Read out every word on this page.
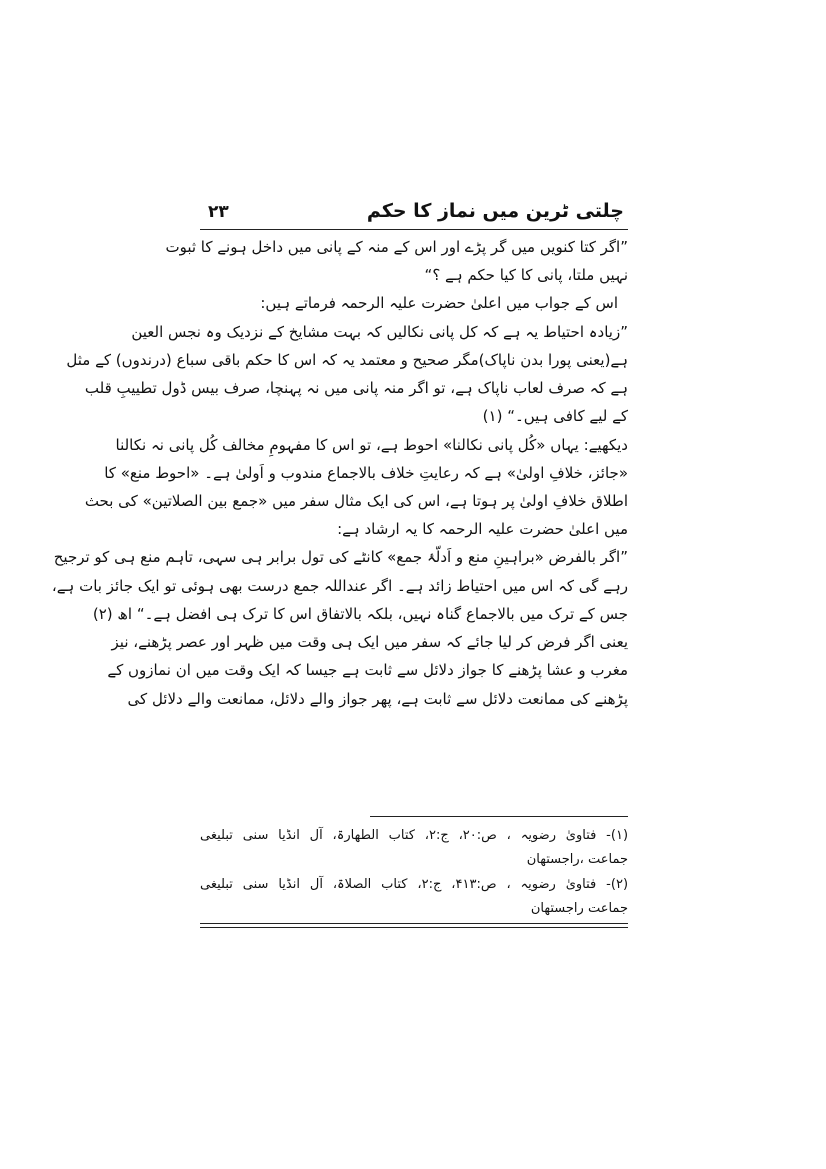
چلتی ٹرین میں نماز کا حکم
۲۳
”اگر کتا کنویں میں گر پڑے اور اس کے منہ کے پانی میں داخل ہونے کا ثبوت
نہیں ملتا، پانی کا کیا حکم ہے ؟“
اس کے جواب میں اعلیٰ حضرت علیہ الرحمہ فرماتے ہیں:
”زیادہ احتیاط یہ ہے کہ کل پانی نکالیں کہ بہت مشایخ کے نزدیک وہ نجس العین
ہے(یعنی پورا بدن ناپاک)مگر صحیح و معتمد یہ کہ اس کا حکم باقی سباع (درندوں) کے مثل
ہے کہ صرف لعاب ناپاک ہے، تو اگر منہ پانی میں نہ پہنچا، صرف بیس ڈول تطییبِ قلب
کے لیے کافی ہیں۔“ (۱)
دیکھیے: یہاں «کُل پانی نکالنا» احوط ہے، تو اس کا مفہومِ مخالف کُل پانی نہ نکالنا
«جائز، خلافِ اولیٰ» ہے کہ رعایتِ خلاف بالاجماع مندوب و اَولیٰ ہے۔ «احوط منع» کا
اطلاق خلافِ اولیٰ پر ہوتا ہے، اس کی ایک مثال سفر میں «جمع بین الصلاتین» کی بحث
میں اعلیٰ حضرت علیہ الرحمہ کا یہ ارشاد ہے:
”اگر بالفرض «براہینِ منع و اَدلّۂ جمع» کانٹے کی تول برابر ہی سہی، تاہم منع ہی کو ترجیح
رہے گی کہ اس میں احتیاط زائد ہے۔ اگر عنداللہ جمع درست بھی ہوئی تو ایک جائز بات ہے،
جس کے ترک میں بالاجماع گناہ نہیں، بلکہ بالاتفاق اس کا ترک ہی افضل ہے۔“ اھ (۲)
یعنی اگر فرض کر لیا جائے کہ سفر میں ایک ہی وقت میں ظہر اور عصر پڑھنے، نیز
مغرب و عشا پڑھنے کا جواز دلائل سے ثابت ہے جیسا کہ ایک وقت میں ان نمازوں کے
پڑھنے کی ممانعت دلائل سے ثابت ہے، پھر جواز والے دلائل، ممانعت والے دلائل کی
(۱)- فتاویٰ رضویہ ، ص:۲۰، ج:۲، کتاب الطھارۃ، آل انڈیا سنی تبلیغی
جماعت ،راجستھان
(۲)- فتاویٰ رضویہ ، ص:۴۱۳، ج:۲، کتاب الصلاۃ، آل انڈیا سنی تبلیغی
جماعت راجستھان
